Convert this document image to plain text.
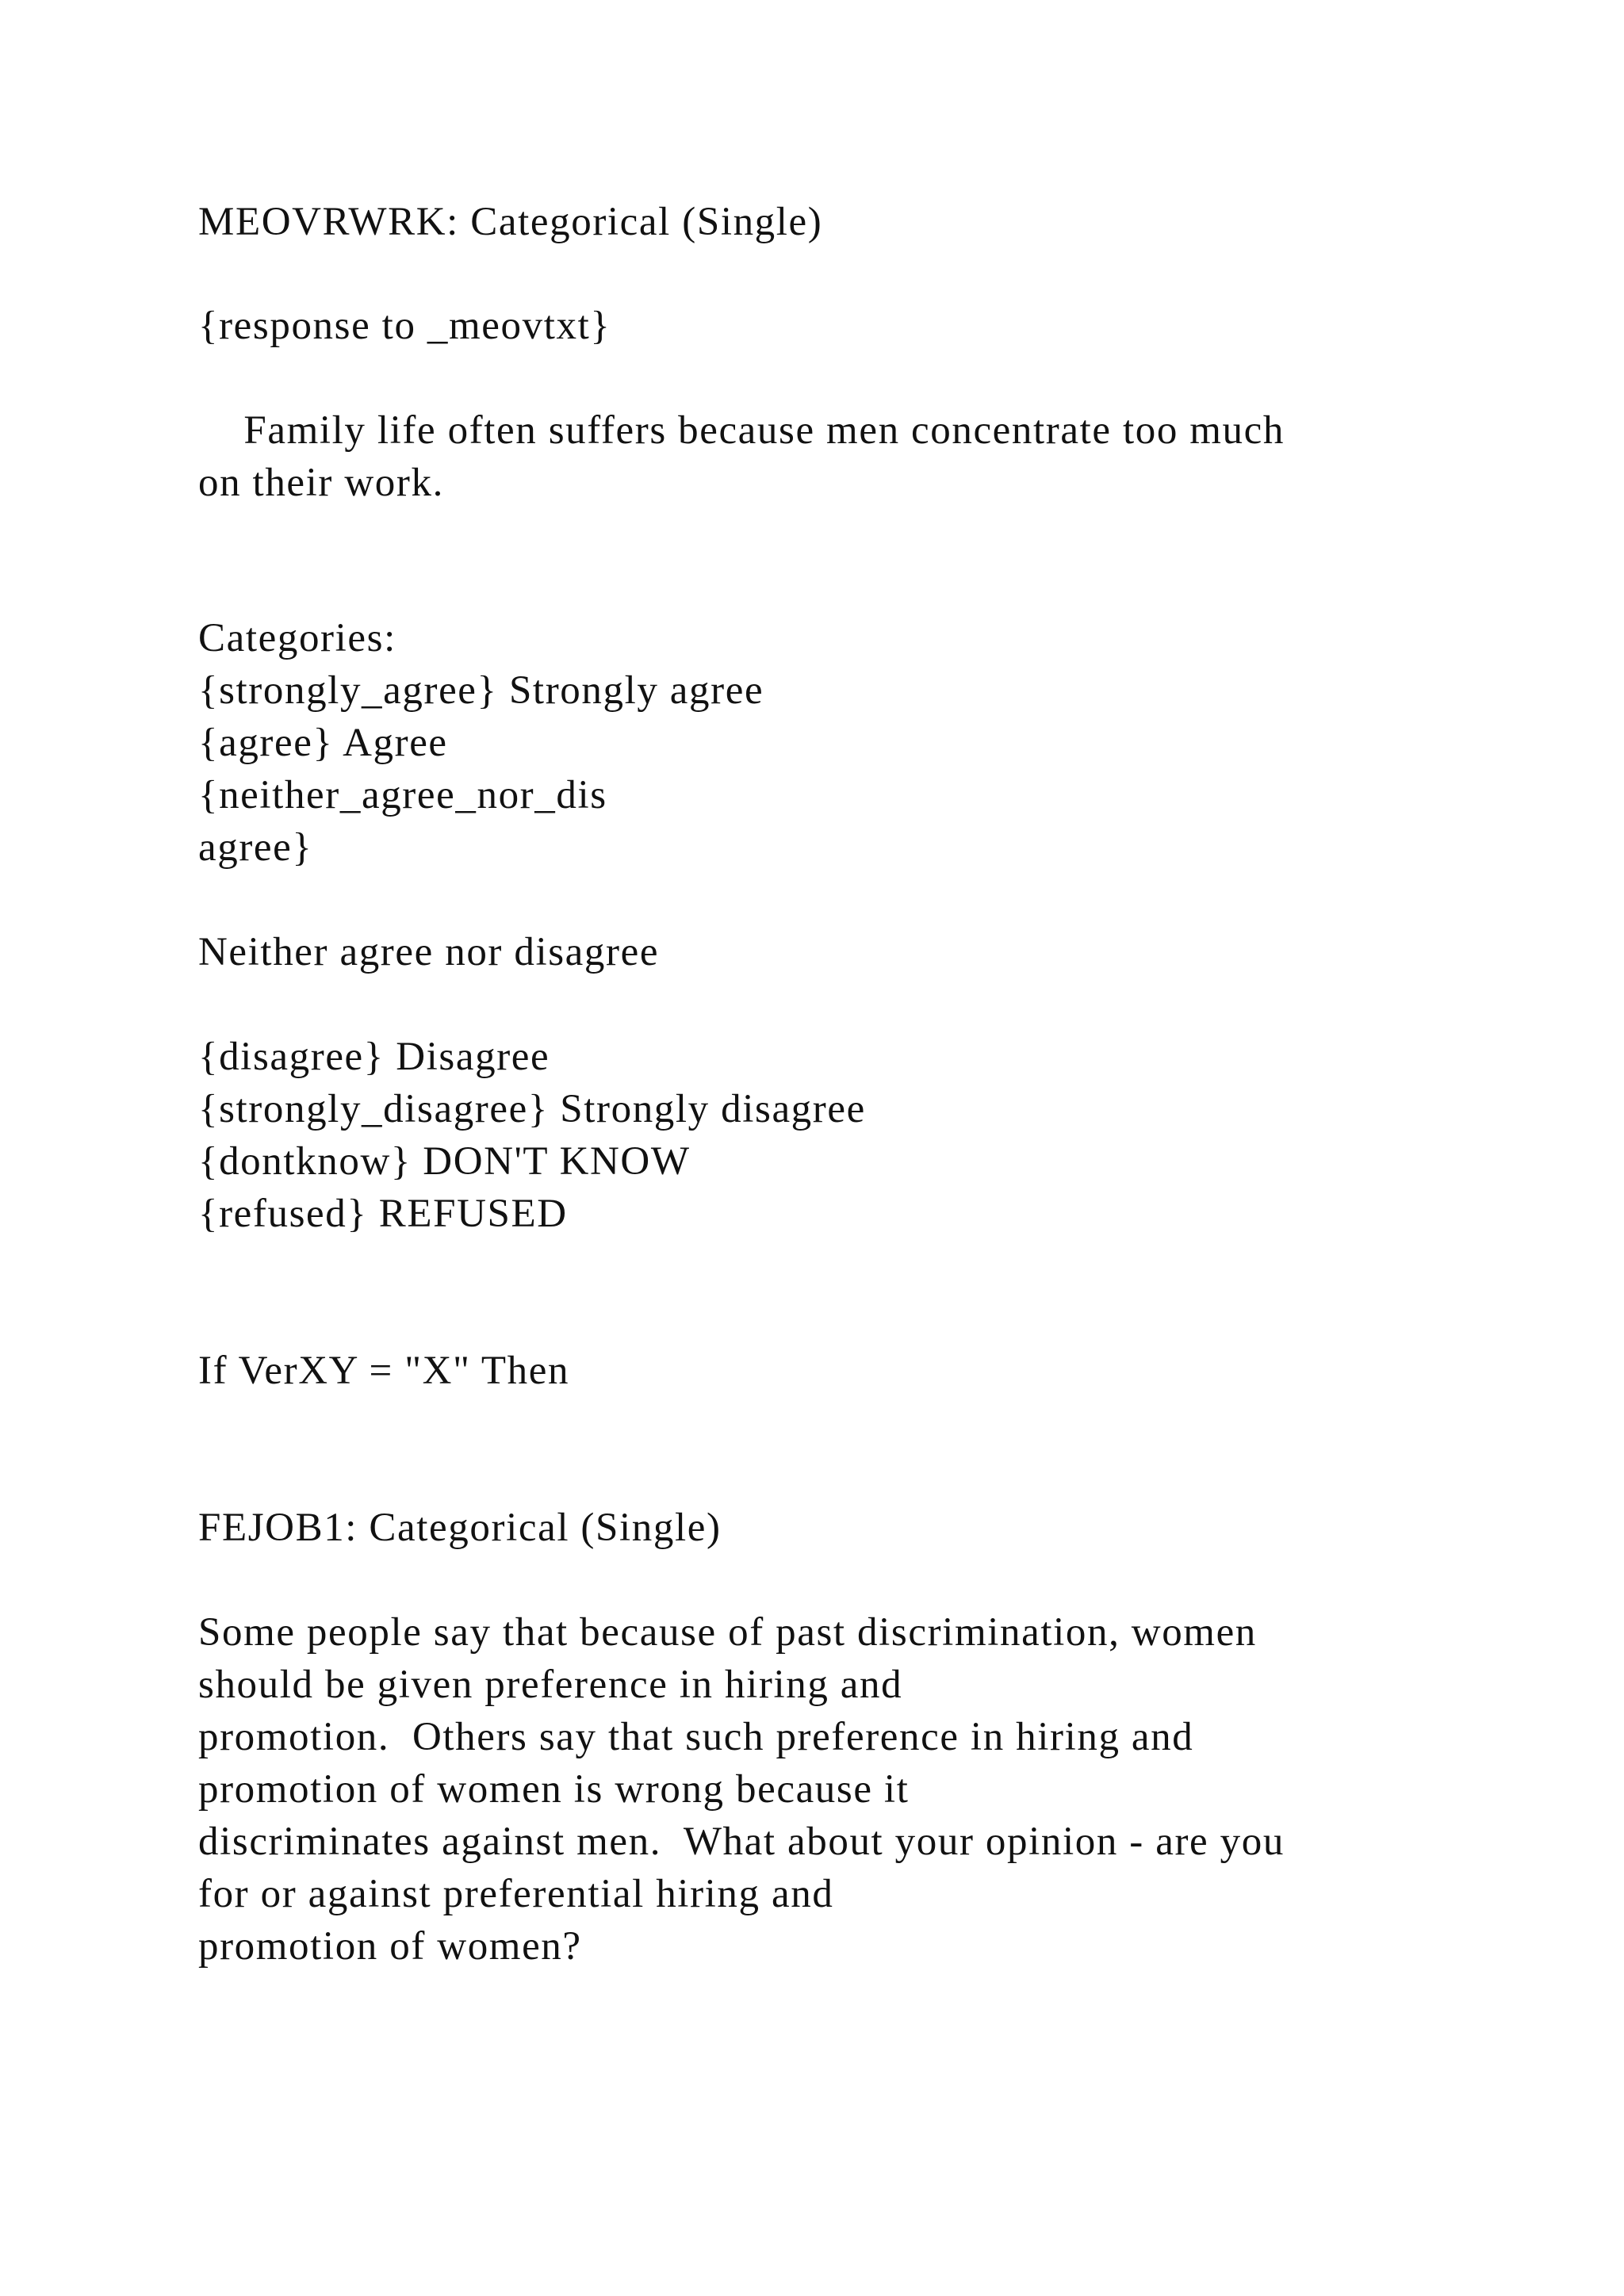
MEOVRWRK: Categorical (Single)

{response to _meovtxt}

Family life often suffers because men concentrate too much

on their work.

Categories:

{strongly_agree} Strongly agree

{agree} Agree

{neither_agree_nor_dis

agree}

Neither agree nor disagree

{disagree} Disagree

{strongly_disagree} Strongly disagree

{dontknow} DON'T KNOW

{refused} REFUSED

If VerXY = "X" Then

FEJOB1: Categorical (Single)

Some people say that because of past discrimination, women

should be given preference in hiring and

promotion.  Others say that such preference in hiring and

promotion of women is wrong because it

discriminates against men.  What about your opinion - are you

for or against preferential hiring and

promotion of women?
